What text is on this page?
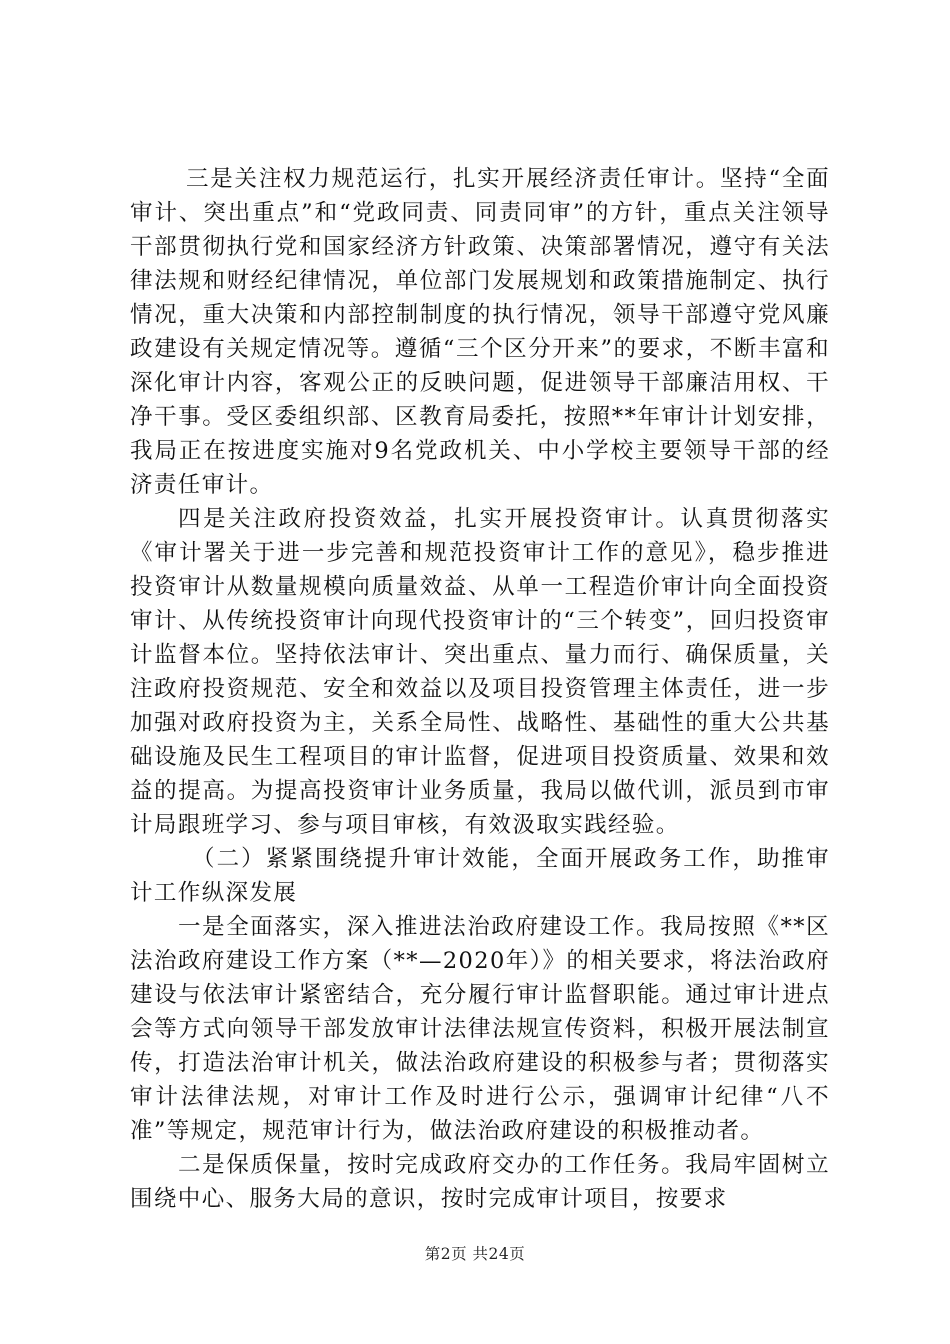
三是关注权力规范运行，扎实开展经济责任审计。坚持“全面审计、突出重点”和“党政同责、同责同审”的方针，重点关注领导干部贯彻执行党和国家经济方针政策、决策部署情况，遵守有关法律法规和财经纪律情况，单位部门发展规划和政策措施制定、执行情况，重大决策和内部控制制度的执行情况，领导干部遵守党风廉政建设有关规定情况等。遵循“三个区分开来”的要求，不断丰富和深化审计内容，客观公正的反映问题，促进领导干部廉洁用权、干净干事。受区委组织部、区教育局委托，按照**年审计计划安排，我局正在按进度实施对9名党政机关、中小学校主要领导干部的经济责任审计。

四是关注政府投资效益，扎实开展投资审计。认真贯彻落实《审计署关于进一步完善和规范投资审计工作的意见》，稳步推进投资审计从数量规模向质量效益、从单一工程造价审计向全面投资审计、从传统投资审计向现代投资审计的“三个转变”，回归投资审计监督本位。坚持依法审计、突出重点、量力而行、确保质量，关注政府投资规范、安全和效益以及项目投资管理主体责任，进一步加强对政府投资为主，关系全局性、战略性、基础性的重大公共基础设施及民生工程项目的审计监督，促进项目投资质量、效果和效益的提高。为提高投资审计业务质量，我局以做代训，派员到市审计局跟班学习、参与项目审核，有效汲取实践经验。

（二）紧紧围绕提升审计效能，全面开展政务工作，助推审计工作纵深发展

一是全面落实，深入推进法治政府建设工作。我局按照《**区法治政府建设工作方案（**—2020年）》的相关要求，将法治政府建设与依法审计紧密结合，充分履行审计监督职能。通过审计进点会等方式向领导干部发放审计法律法规宣传资料，积极开展法制宣传，打造法治审计机关，做法治政府建设的积极参与者；贯彻落实审计法律法规，对审计工作及时进行公示，强调审计纪律“八不准”等规定，规范审计行为，做法治政府建设的积极推动者。

二是保质保量，按时完成政府交办的工作任务。我局牢固树立围绕中心、服务大局的意识，按时完成审计项目，按要求

第2页 共24页
